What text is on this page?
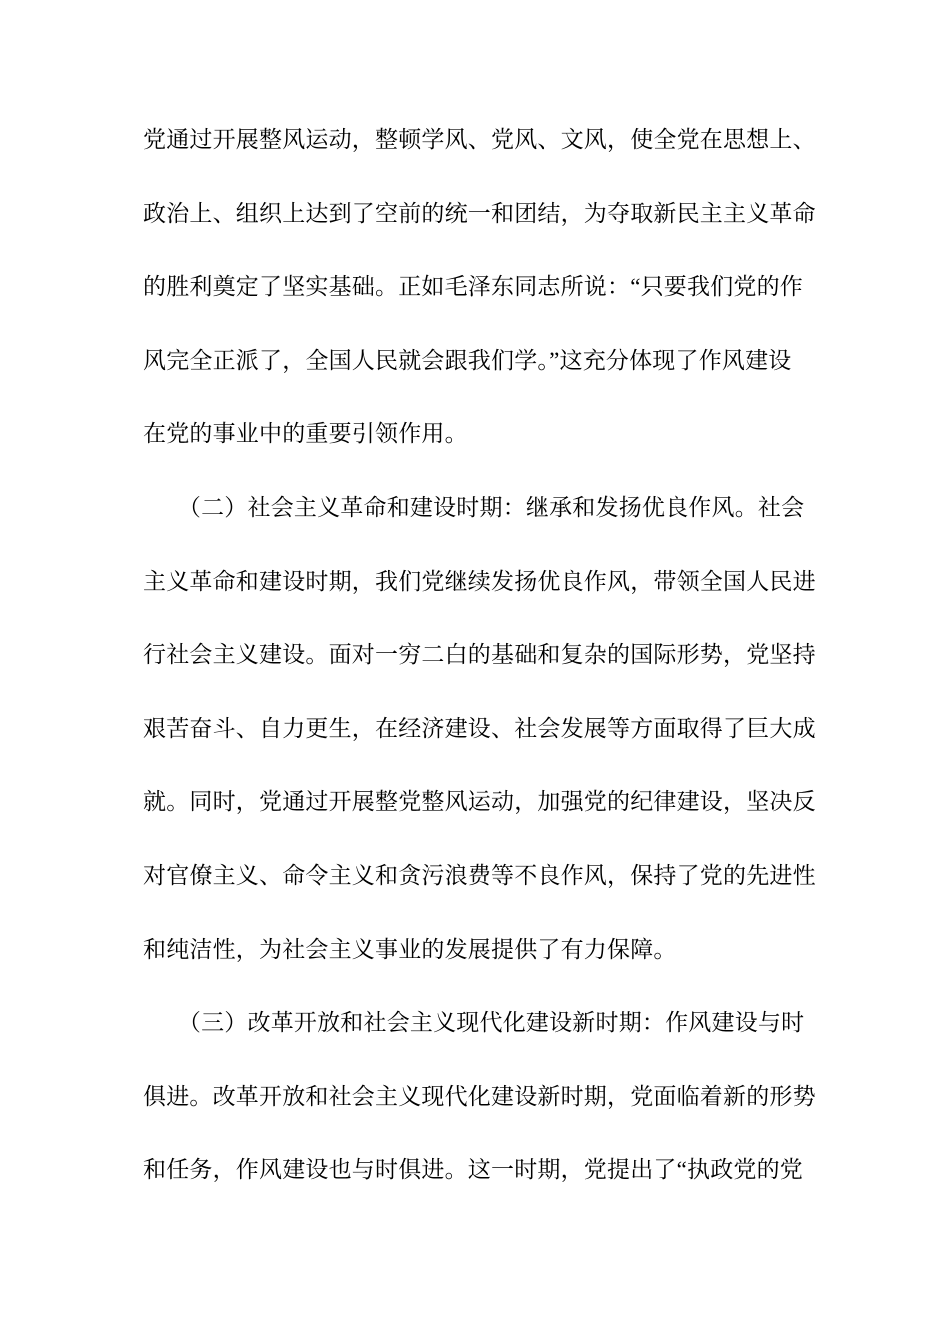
党通过开展整风运动，整顿学风、党风、文风，使全党在思想上、
政治上、组织上达到了空前的统一和团结，为夺取新民主主义革命
的胜利奠定了坚实基础。正如毛泽东同志所说：“只要我们党的作
风完全正派了，全国人民就会跟我们学。”这充分体现了作风建设
在党的事业中的重要引领作用。
　　（二）社会主义革命和建设时期：继承和发扬优良作风。社会
主义革命和建设时期，我们党继续发扬优良作风，带领全国人民进
行社会主义建设。面对一穷二白的基础和复杂的国际形势，党坚持
艰苦奋斗、自力更生，在经济建设、社会发展等方面取得了巨大成
就。同时，党通过开展整党整风运动，加强党的纪律建设，坚决反
对官僚主义、命令主义和贪污浪费等不良作风，保持了党的先进性
和纯洁性，为社会主义事业的发展提供了有力保障。
　　（三）改革开放和社会主义现代化建设新时期：作风建设与时
俱进。改革开放和社会主义现代化建设新时期，党面临着新的形势
和任务，作风建设也与时俱进。这一时期，党提出了“执政党的党
